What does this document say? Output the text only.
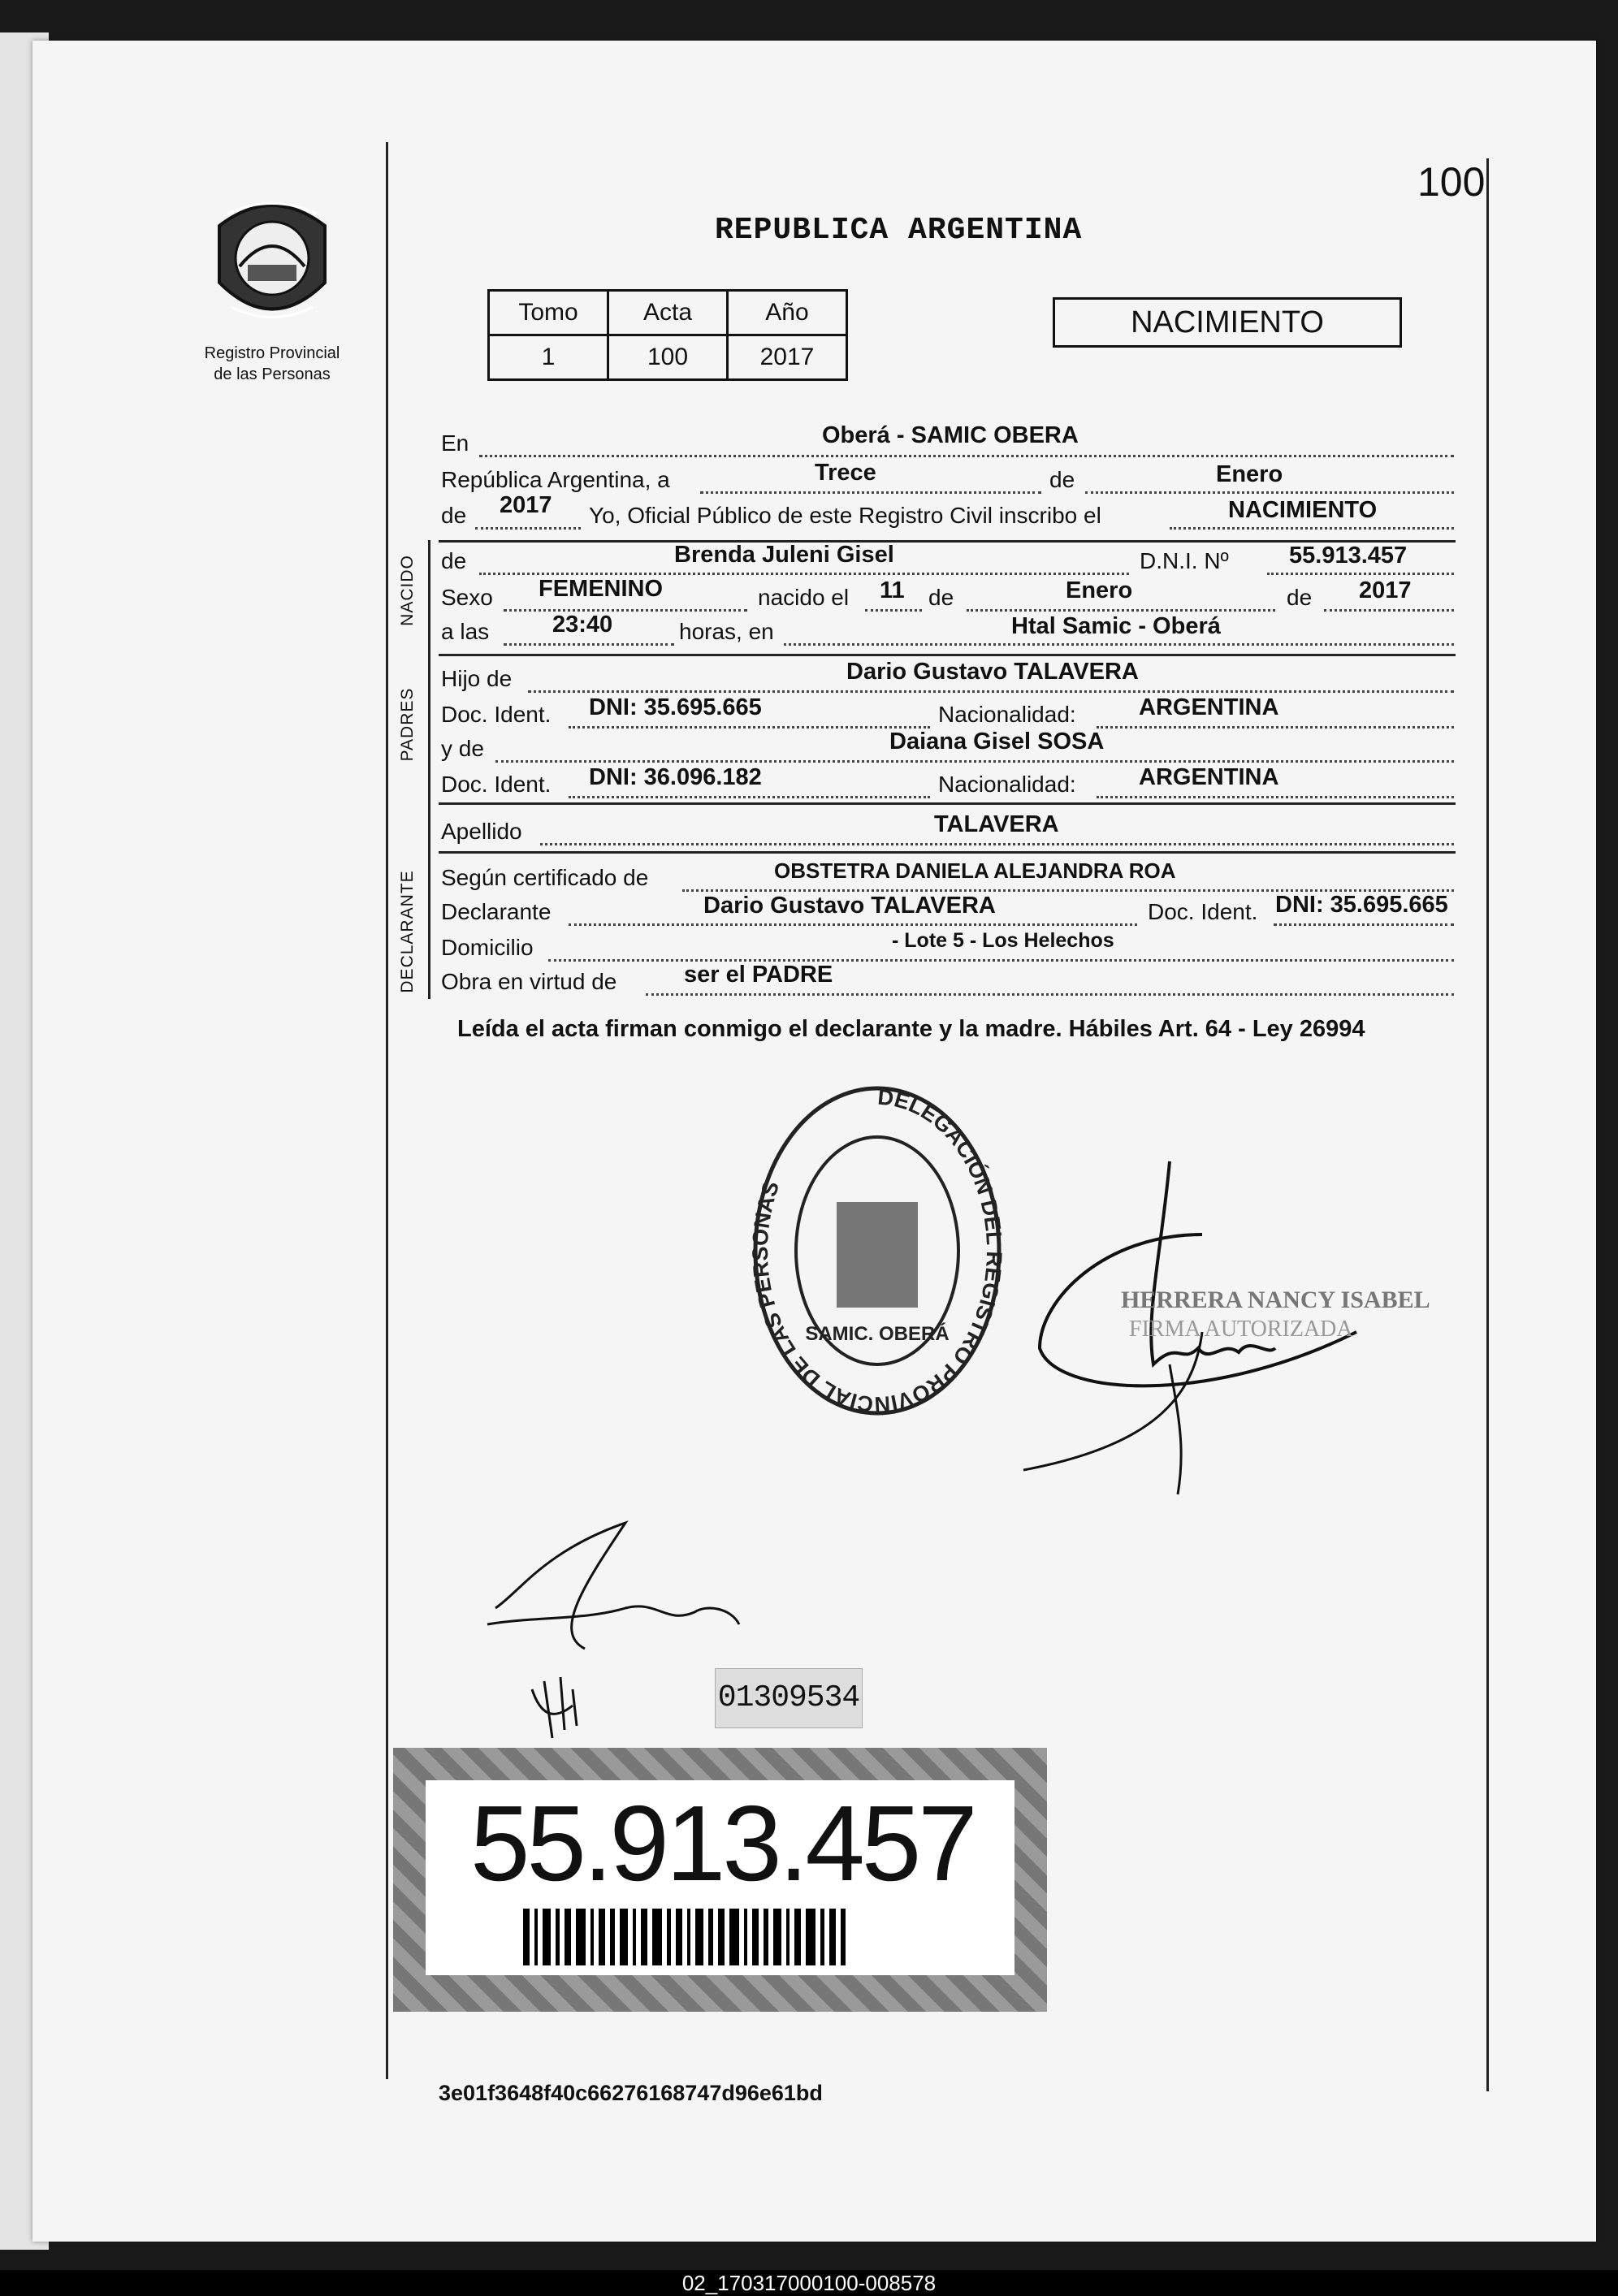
100
Registro Provincial
de las Personas
REPUBLICA ARGENTINA
Tomo	Acta	Año
1	100	2017
NACIMIENTO
En	Oberá - SAMIC OBERA
República Argentina, a	Trece	de	Enero
de 2017 Yo, Oficial Público de este Registro Civil inscribo el	NACIMIENTO
NACIDO de	Brenda Juleni Gisel	D.N.I. Nº	55.913.457
Sexo FEMENINO	nacido el 11 de	Enero	de 2017
a las	23:40	horas, en	Htal Samic - Oberá
PADRES
Hijo de	Dario Gustavo TALAVERA
Doc. Ident. DNI: 35.695.665	Nacionalidad:	ARGENTINA
y de	Daiana Gisel SOSA
Doc. Ident. DNI: 36.096.182	Nacionalidad:	ARGENTINA
Apellido	TALAVERA
DECLARANTE Según certificado de	OBSTETRA DANIELA ALEJANDRA ROA
Declarante	Dario Gustavo TALAVERA	Doc. Ident. DNI: 35.695.665
Domicilio	- Lote 5 - Los Helechos
Obra en virtud de	ser el PADRE
Leída el acta firman conmigo el declarante y la madre. Hábiles Art. 64 - Ley 26994
DELEGACIÓN DEL REGISTRO PROVINCIAL DE LAS PERSONAS
SAMIC. OBERÁ
HERRERA NANCY ISABEL
FIRMA AUTORIZADA
01309534
55.913.457
3e01f3648f40c66276168747d96e61bd
02_170317000100-008578
